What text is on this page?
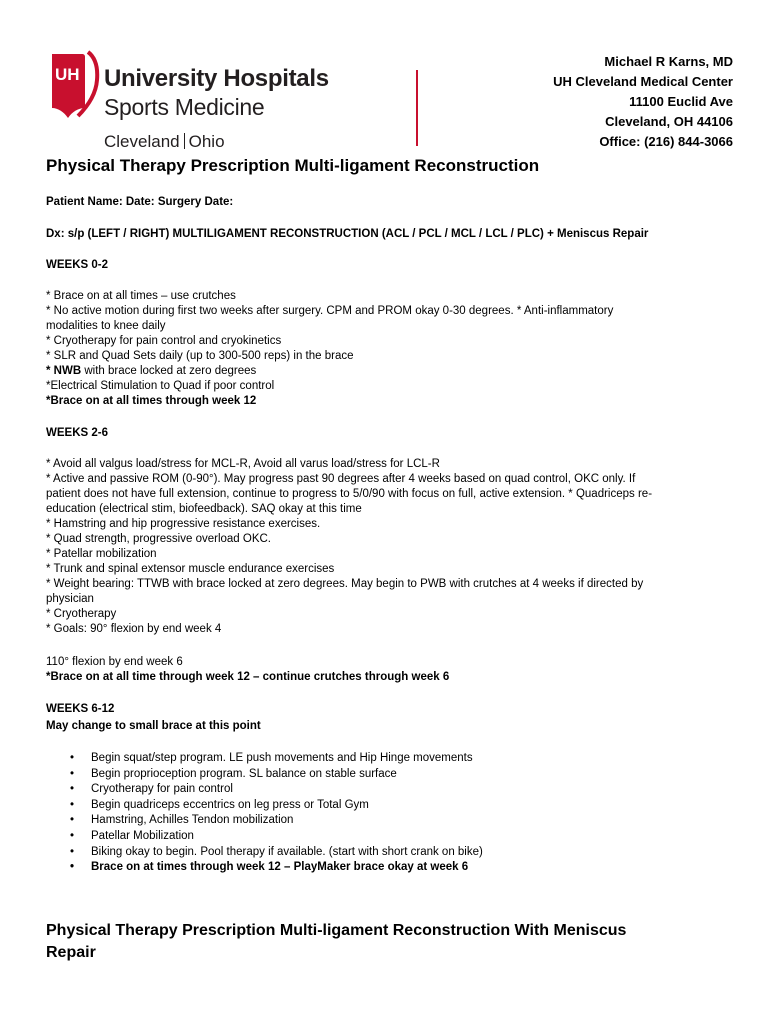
UH University Hospitals
Sports Medicine
Cleveland Ohio
Michael R Karns, MD
UH Cleveland Medical Center
11100 Euclid Ave
Cleveland, OH 44106
Office: (216) 844-3066
Physical Therapy Prescription Multi-ligament Reconstruction

Patient Name: Date: Surgery Date:

Dx: s/p (LEFT / RIGHT) MULTILIGAMENT RECONSTRUCTION (ACL / PCL / MCL / LCL / PLC) + Meniscus Repair

WEEKS 0-2

* Brace on at all times – use crutches
* No active motion during first two weeks after surgery. CPM and PROM okay 0-30 degrees. * Anti-inflammatory
modalities to knee daily
* Cryotherapy for pain control and cryokinetics
* SLR and Quad Sets daily (up to 300-500 reps) in the brace
* NWB with brace locked at zero degrees
*Electrical Stimulation to Quad if poor control
*Brace on at all times through week 12

WEEKS 2-6

* Avoid all valgus load/stress for MCL-R, Avoid all varus load/stress for LCL-R
* Active and passive ROM (0-90°). May progress past 90 degrees after 4 weeks based on quad control, OKC only. If
patient does not have full extension, continue to progress to 5/0/90 with focus on full, active extension. * Quadriceps re-
education (electrical stim, biofeedback). SAQ okay at this time
* Hamstring and hip progressive resistance exercises.
* Quad strength, progressive overload OKC.
* Patellar mobilization
* Trunk and spinal extensor muscle endurance exercises
* Weight bearing: TTWB with brace locked at zero degrees. May begin to PWB with crutches at 4 weeks if directed by
physician
* Cryotherapy
* Goals: 90° flexion by end week 4
110° flexion by end week 6
*Brace on at all time through week 12 – continue crutches through week 6

WEEKS 6-12

May change to small brace at this point

• Begin squat/step program. LE push movements and Hip Hinge movements
• Begin proprioception program. SL balance on stable surface
• Cryotherapy for pain control
• Begin quadriceps eccentrics on leg press or Total Gym
• Hamstring, Achilles Tendon mobilization
• Patellar Mobilization
• Biking okay to begin. Pool therapy if available. (start with short crank on bike)
• Brace on at times through week 12 – PlayMaker brace okay at week 6
Physical Therapy Prescription Multi-ligament Reconstruction With Meniscus
Repair
